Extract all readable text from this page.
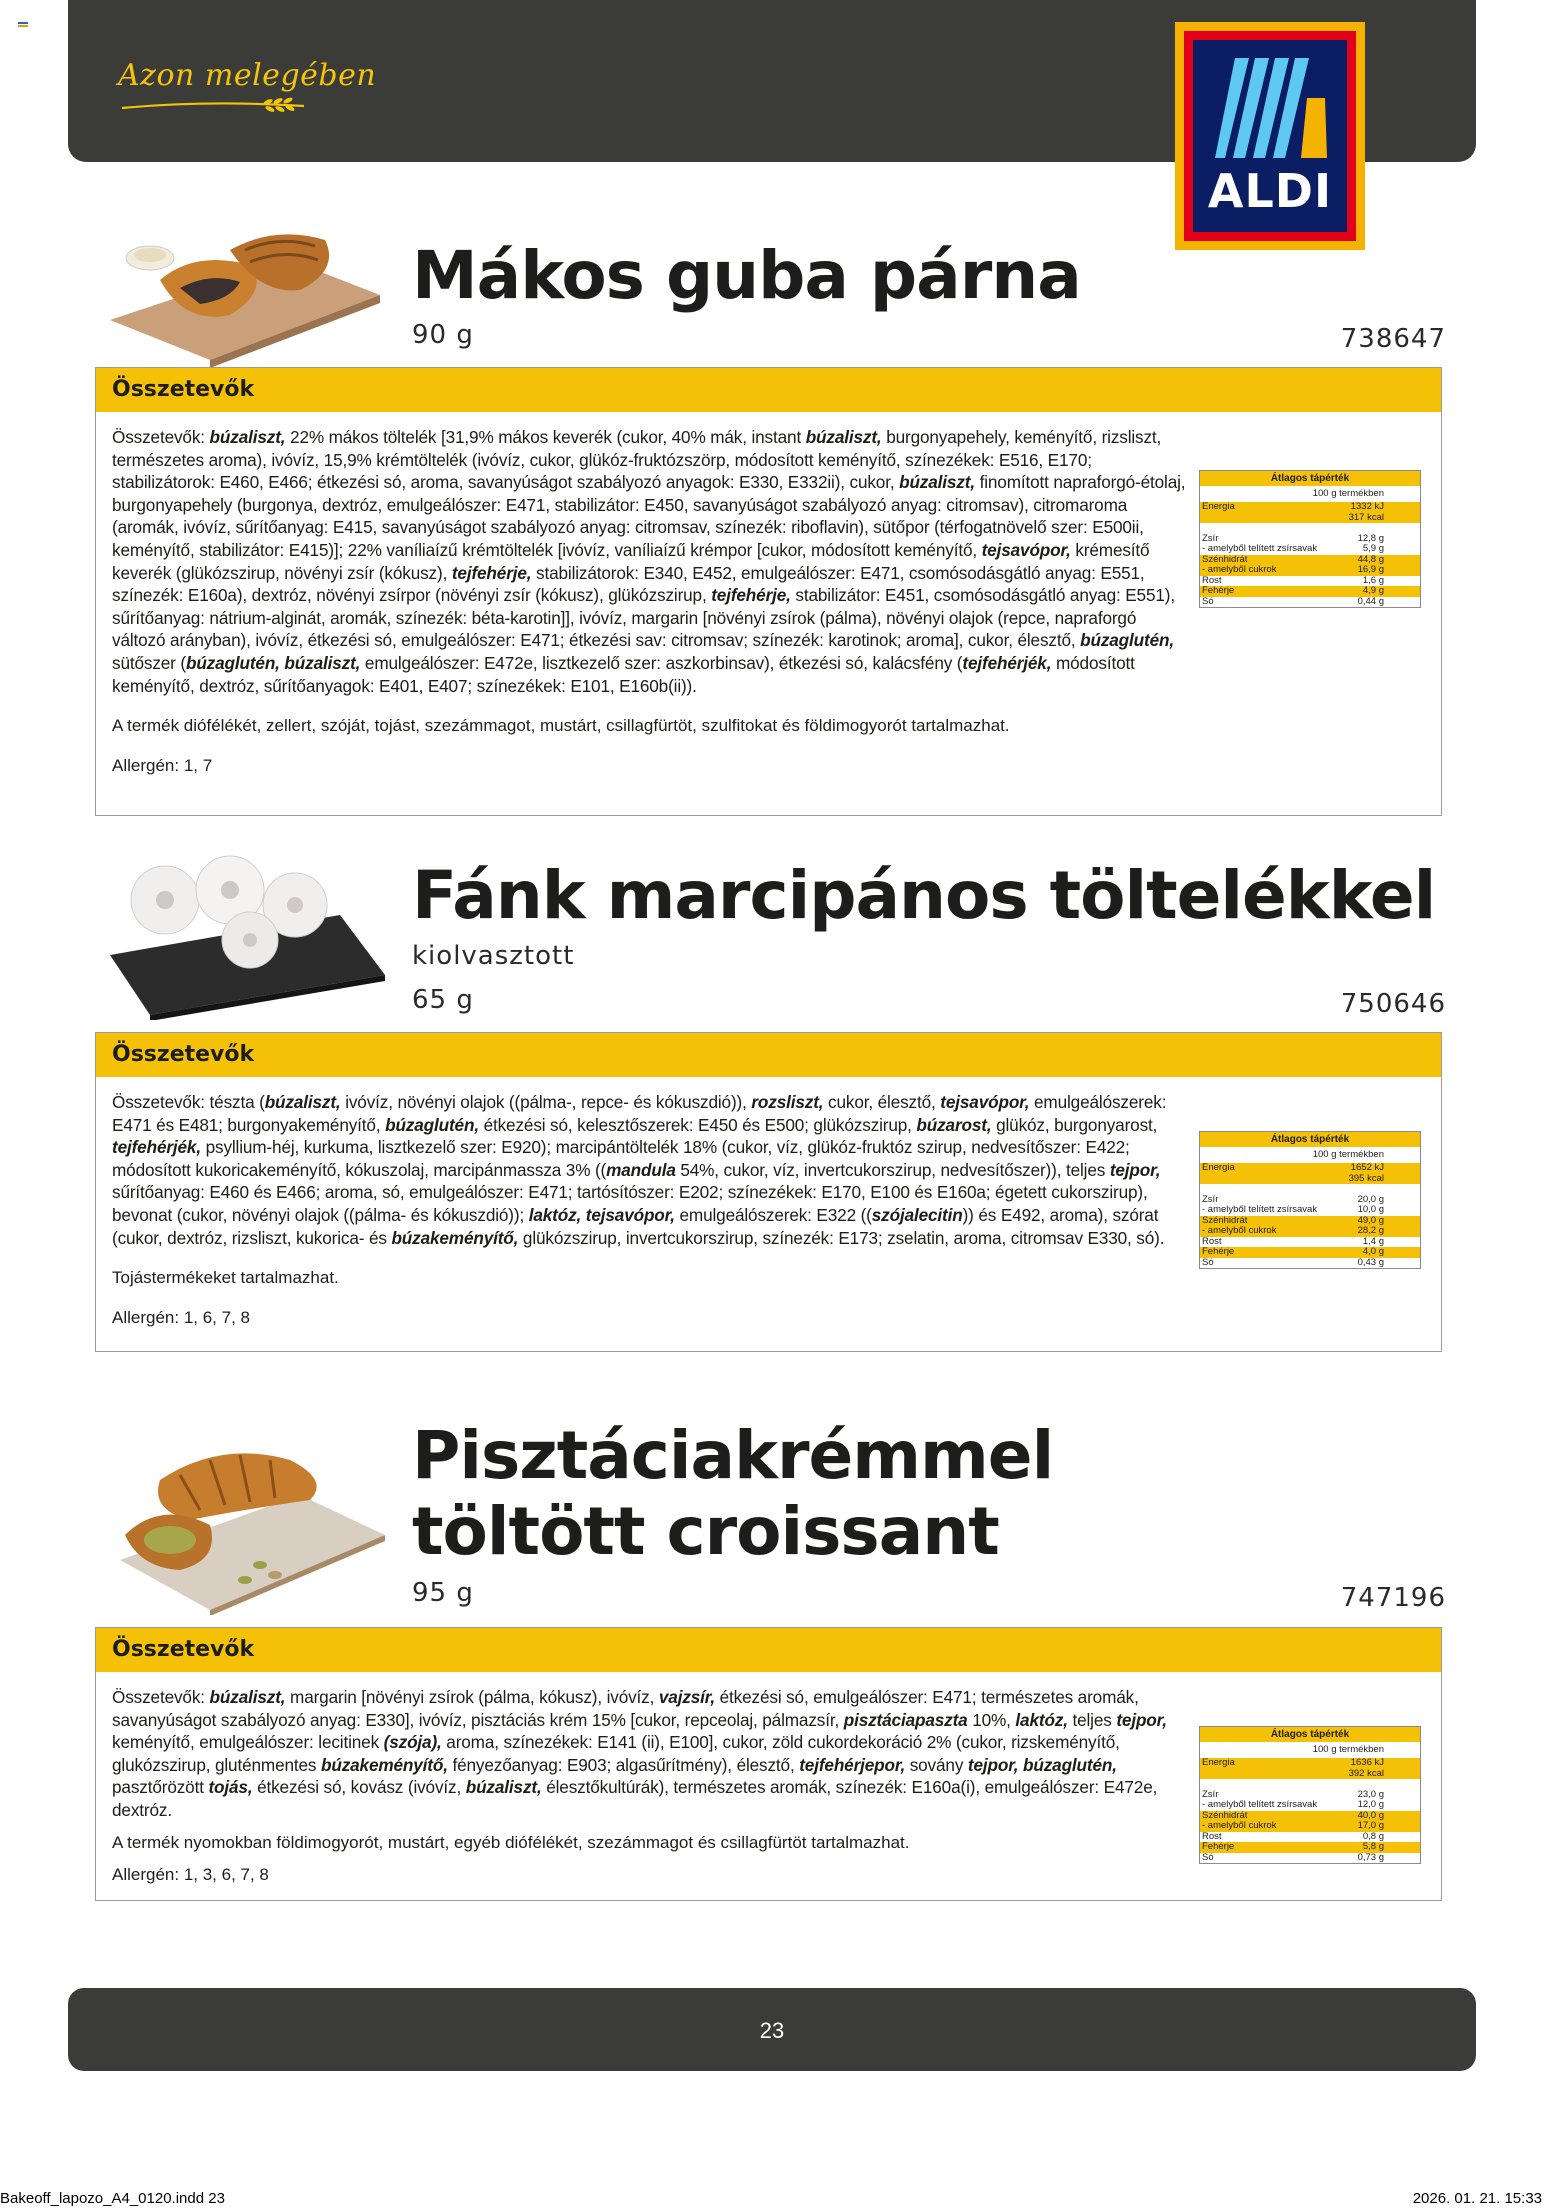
Azon melegében
ALDI
Mákos guba párna
90 g	738647
Összetevők
Összetevők: búzaliszt, 22% mákos töltelék [31,9% mákos keverék (cukor, 40% mák, instant búzaliszt, burgonyapehely, keményítő, rizsliszt, természetes aroma), ivóvíz, 15,9% krémtöltelék (ivóvíz, cukor, glükóz-fruktózszörp, módosított keményítő, színezékek: E516, E170; stabilizátorok: E460, E466; étkezési só, aroma, savanyúságot szabályozó anyagok: E330, E332ii), cukor, búzaliszt, finomított napraforgó-étolaj, burgonyapehely (burgonya, dextróz, emulgeálószer: E471, stabilizátor: E450, savanyúságot szabályozó anyag: citromsav), citromaroma (aromák, ivóvíz, sűrítőanyag: E415, savanyúságot szabályozó anyag: citromsav, színezék: riboflavin), sütőpor (térfogatnövelő szer: E500ii, keményítő, stabilizátor: E415)]; 22% vaníliaízű krémtöltelék [ivóvíz, vaníliaízű krémpor [cukor, módosított keményítő, tejsavópor, krémesítő keverék (glükózszirup, növényi zsír (kókusz), tejfehérje, stabilizátorok: E340, E452, emulgeálószer: E471, csomósodásgátló anyag: E551, színezék: E160a), dextróz, növényi zsírpor (növényi zsír (kókusz), glükózszirup, tejfehérje, stabilizátor: E451, csomósodásgátló anyag: E551), sűrítőanyag: nátrium-alginát, aromák, színezék: béta-karotin]], ivóvíz, margarin [növényi zsírok (pálma), növényi olajok (repce, napraforgó változó arányban), ivóvíz, étkezési só, emulgeálószer: E471; étkezési sav: citromsav; színezék: karotinok; aroma], cukor, élesztő, búzaglutén, sütőszer (búzaglutén, búzaliszt, emulgeálószer: E472e, lisztkezelő szer: aszkorbinsav), étkezési só, kalácsfény (tejfehérjék, módosított keményítő, dextróz, sűrítőanyagok: E401, E407; színezékek: E101, E160b(ii)).
A termék diófélékét, zellert, szóját, tojást, szezámmagot, mustárt, csillagfürtöt, szulfitokat és földimogyorót tartalmazhat.
Allergén: 1, 7
Átlagos tápérték
100 g termékben
Energia	1332 kJ
317 kcal
Zsír	12,8 g
- amelyből telített zsírsavak	5,9 g
Szénhidrát	44,8 g
- amelyből cukrok	16,9 g
Rost	1,6 g
Fehérje	4,9 g
Só	0,44 g
Fánk marcipános töltelékkel
kiolvasztott
65 g	750646
Összetevők
Összetevők: tészta (búzaliszt, ivóvíz, növényi olajok ((pálma-, repce- és kókuszdió)), rozsliszt, cukor, élesztő, tejsavópor, emulgeálószerek: E471 és E481; burgonyakeményítő, búzaglutén, étkezési só, kelesztőszerek: E450 és E500; glükózszirup, búzarost, glükóz, burgonyarost, tejfehérjék, psyllium-héj, kurkuma, lisztkezelő szer: E920); marcipántöltelék 18% (cukor, víz, glükóz-fruktóz szirup, nedvesítőszer: E422; módosított kukoricakeményítő, kókuszolaj, marcipánmassza 3% ((mandula 54%, cukor, víz, invertcukorszirup, nedvesítőszer)), teljes tejpor, sűrítőanyag: E460 és E466; aroma, só, emulgeálószer: E471; tartósítószer: E202; színezékek: E170, E100 és E160a; égetett cukorszirup), bevonat (cukor, növényi olajok ((pálma- és kókuszdió)); laktóz, tejsavópor, emulgeálószerek: E322 ((szójalecitin)) és E492, aroma), szórat (cukor, dextróz, rizsliszt, kukorica- és búzakeményítő, glükózszirup, invertcukorszirup, színezék: E173; zselatin, aroma, citromsav E330, só).
Tojástermékeket tartalmazhat.
Allergén: 1, 6, 7, 8
Átlagos tápérték
100 g termékben
Energia	1652 kJ
395 kcal
Zsír	20,0 g
- amelyből telített zsírsavak	10,0 g
Szénhidrát	49,0 g
- amelyből cukrok	28,2 g
Rost	1,4 g
Fehérje	4,0 g
Só	0,43 g
Pisztáciakrémmel töltött croissant
95 g	747196
Összetevők
Összetevők: búzaliszt, margarin [növényi zsírok (pálma, kókusz), ivóvíz, vajzsír, étkezési só, emulgeálószer: E471; természetes aromák, savanyúságot szabályozó anyag: E330], ivóvíz, pisztáciás krém 15% [cukor, repceolaj, pálmazsír, pisztáciapaszta 10%, laktóz, teljes tejpor, keményítő, emulgeálószer: lecitinek (szója), aroma, színezékek: E141 (ii), E100], cukor, zöld cukordekoráció 2% (cukor, rizskeményítő, glukózszirup, gluténmentes búzakeményítő, fényezőanyag: E903; algasűrítmény), élesztő, tejfehérjepor, sovány tejpor, búzaglutén, pasztőrözött tojás, étkezési só, kovász (ivóvíz, búzaliszt, élesztőkultúrák), természetes aromák, színezék: E160a(i), emulgeálószer: E472e, dextróz.
A termék nyomokban földimogyorót, mustárt, egyéb diófélékét, szezámmagot és csillagfürtöt tartalmazhat.
Allergén: 1, 3, 6, 7, 8
Átlagos tápérték
100 g termékben
Energia	1636 kJ
392 kcal
Zsír	23,0 g
- amelyből telített zsírsavak	12,0 g
Szénhidrát	40,0 g
- amelyből cukrok	17,0 g
Rost	0,8 g
Fehérje	5,8 g
Só	0,73 g
23
Bakeoff_lapozo_A4_0120.indd 23	2026. 01. 21. 15:33
